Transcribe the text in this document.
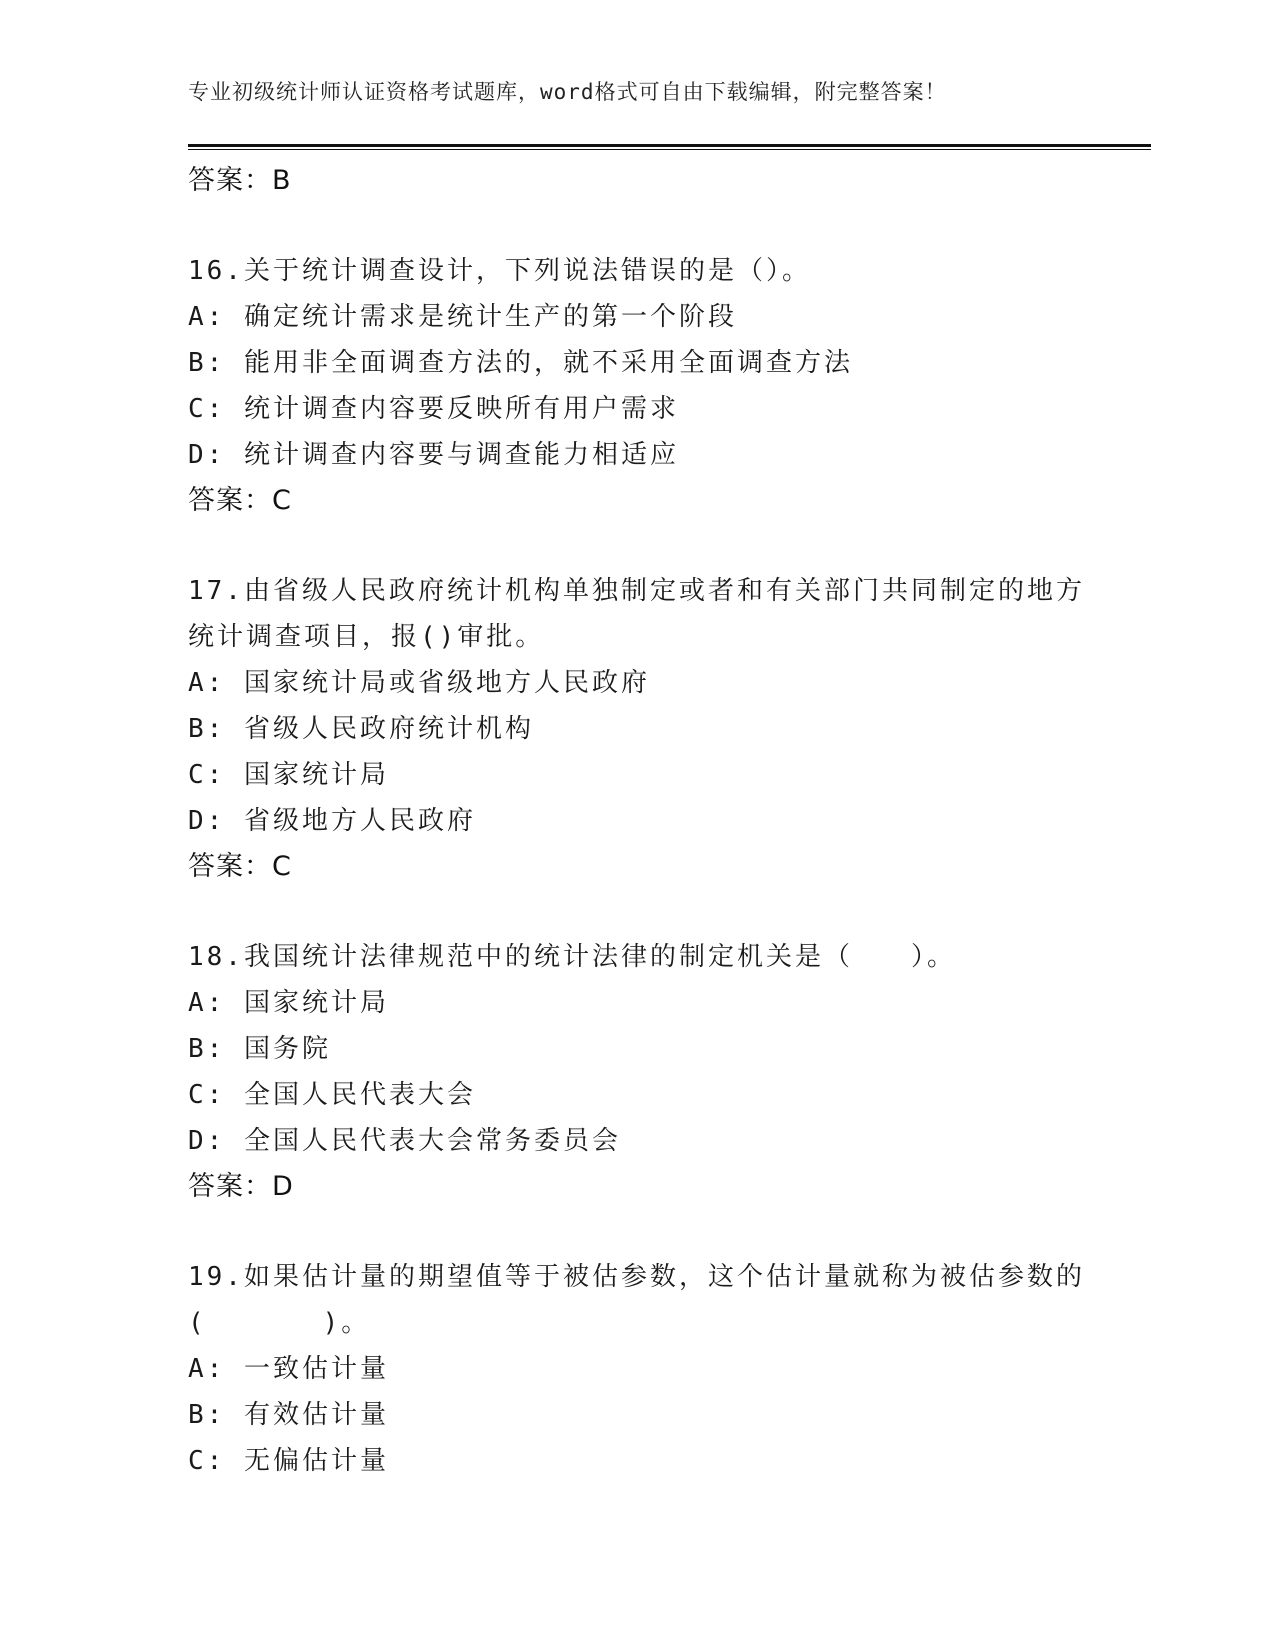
专业初级统计师认证资格考试题库，word格式可自由下载编辑，附完整答案！
答案：B
16.关于统计调查设计，下列说法错误的是（）。
A: 确定统计需求是统计生产的第一个阶段
B: 能用非全面调查方法的，就不采用全面调查方法
C: 统计调查内容要反映所有用户需求
D: 统计调查内容要与调查能力相适应
答案：C
17.由省级人民政府统计机构单独制定或者和有关部门共同制定的地方
统计调查项目，报()审批。
A: 国家统计局或省级地方人民政府
B: 省级人民政府统计机构
C: 国家统计局
D: 省级地方人民政府
答案：C
18.我国统计法律规范中的统计法律的制定机关是（　　）。
A: 国家统计局
B: 国务院
C: 全国人民代表大会
D: 全国人民代表大会常务委员会
答案：D
19.如果估计量的期望值等于被估参数，这个估计量就称为被估参数的
(　　　　)。
A: 一致估计量
B: 有效估计量
C: 无偏估计量
